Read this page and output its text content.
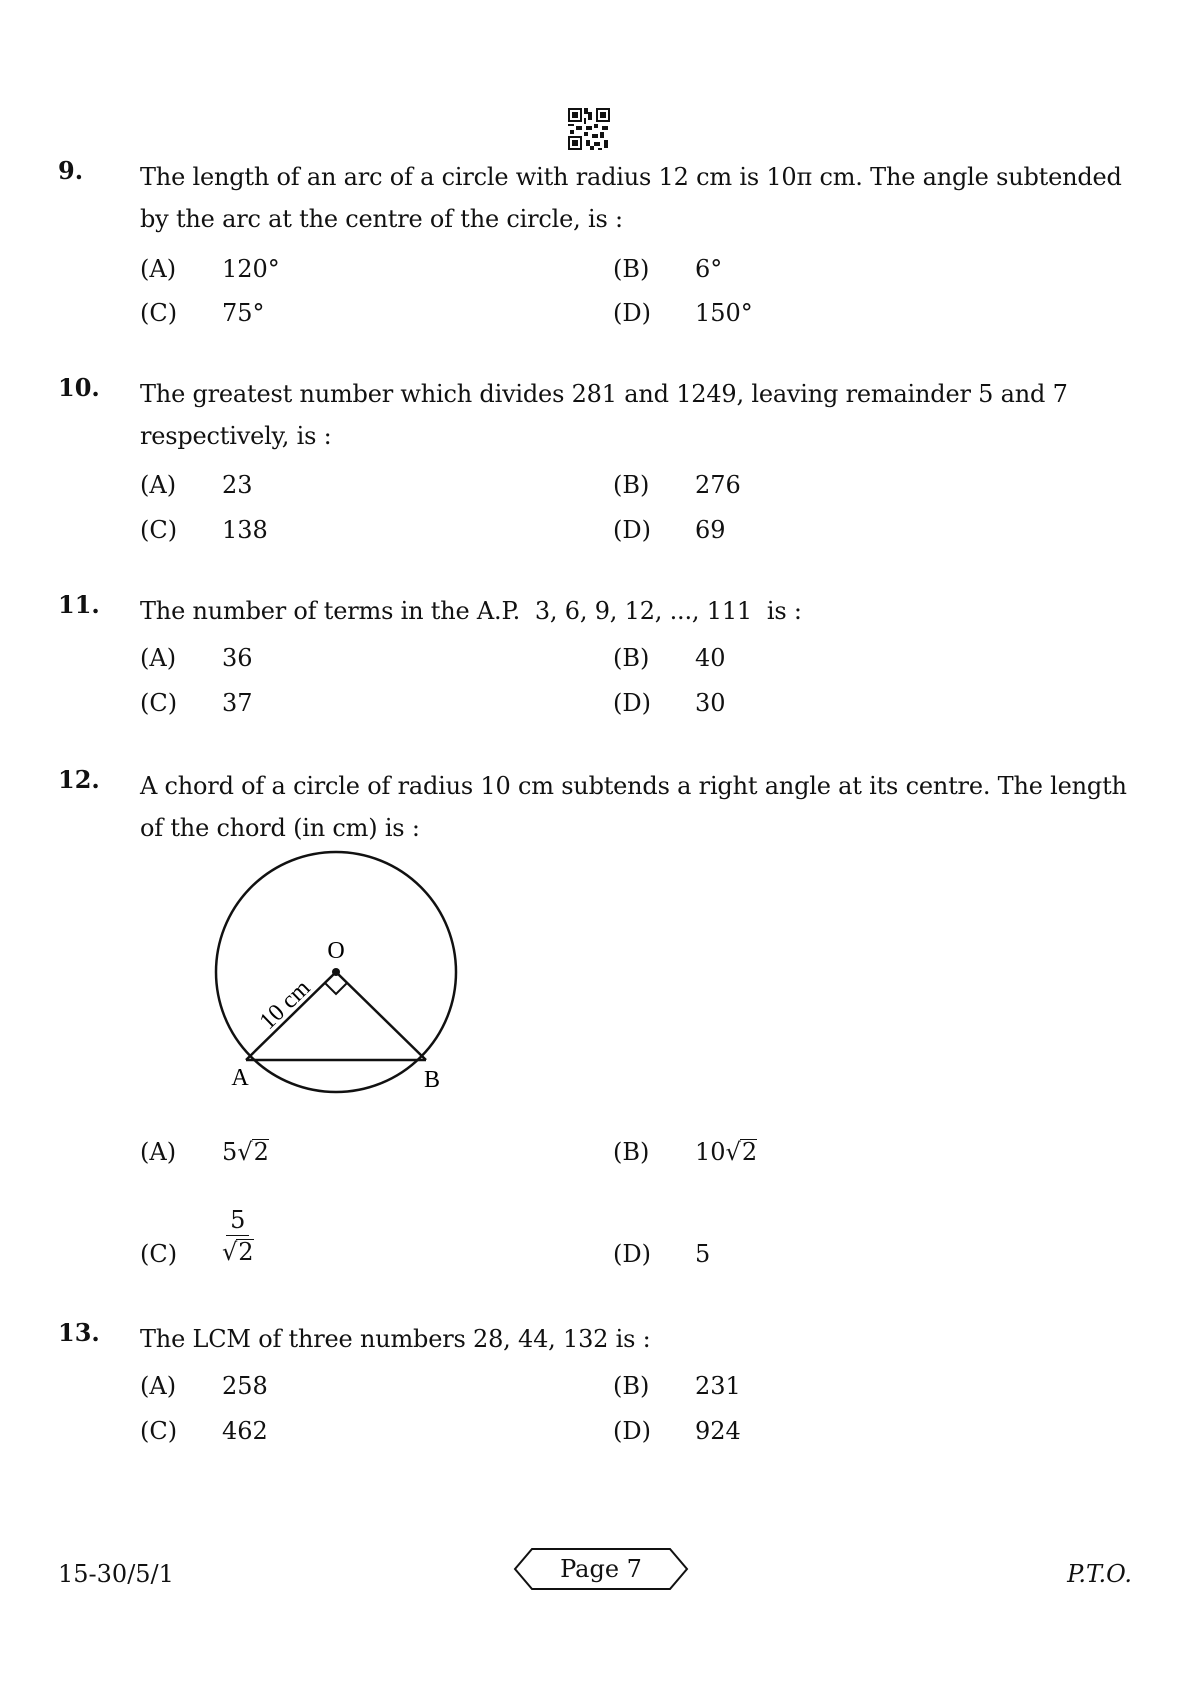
9. The length of an arc of a circle with radius 12 cm is 10π cm. The angle subtended by the arc at the centre of the circle, is :
(A) 120°	(B) 6°
(C) 75°	(D) 150°
10. The greatest number which divides 281 and 1249, leaving remainder 5 and 7 respectively, is :
(A) 23	(B) 276
(C) 138	(D) 69
11. The number of terms in the A.P.  3, 6, 9, 12, ..., 111  is :
(A) 36	(B) 40
(C) 37	(D) 30
12. A chord of a circle of radius 10 cm subtends a right angle at its centre. The length of the chord (in cm) is :
O
A	B
10 cm
(A) 5√2	(B) 10√2
$(C) \frac{5}{√2}$	(D) 5
13. The LCM of three numbers 28, 44, 132 is :
(A) 258	(B) 231
(C) 462	(D) 924
15-30/5/1	Page 7	P.T.O.
